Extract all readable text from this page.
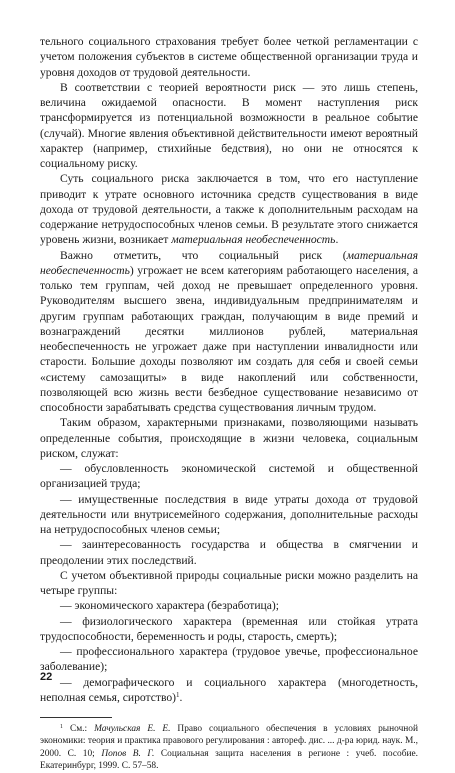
тельного социального страхования требует более четкой регламентации с учетом положения субъектов в системе общественной организации труда и уровня доходов от трудовой деятельности.

В соответствии с теорией вероятности риск — это лишь степень, величина ожидаемой опасности. В момент наступления риск трансформируется из потенциальной возможности в реальное событие (случай). Многие явления объективной действительности имеют вероятный характер (например, стихийные бедствия), но они не относятся к социальному риску.

Суть социального риска заключается в том, что его наступление приводит к утрате основного источника средств существования в виде дохода от трудовой деятельности, а также к дополнительным расходам на содержание нетрудоспособных членов семьи. В результате этого снижается уровень жизни, возникает материальная необеспеченность.

Важно отметить, что социальный риск (материальная необеспеченность) угрожает не всем категориям работающего населения, а только тем группам, чей доход не превышает определенного уровня. Руководителям высшего звена, индивидуальным предпринимателям и другим группам работающих граждан, получающим в виде премий и вознаграждений десятки миллионов рублей, материальная необеспеченность не угрожает даже при наступлении инвалидности или старости. Большие доходы позволяют им создать для себя и своей семьи «систему самозащиты» в виде накоплений или собственности, позволяющей всю жизнь вести безбедное существование независимо от способности зарабатывать средства существования личным трудом.

Таким образом, характерными признаками, позволяющими называть определенные события, происходящие в жизни человека, социальным риском, служат:

— обусловленность экономической системой и общественной организацией труда;

— имущественные последствия в виде утраты дохода от трудовой деятельности или внутрисемейного содержания, дополнительные расходы на нетрудоспособных членов семьи;

— заинтересованность государства и общества в смягчении и преодолении этих последствий.

С учетом объективной природы социальные риски можно разделить на четыре группы:

— экономического характера (безработица);

— физиологического характера (временная или стойкая утрата трудоспособности, беременность и роды, старость, смерть);

— профессионального характера (трудовое увечье, профессиональное заболевание);

— демографического и социального характера (многодетность, неполная семья, сиротство)$^1$.

$^1$ См.: Мачульская Е. Е. Право социального обеспечения в условиях рыночной экономики: теория и практика правового регулирования : автореф. дис. ... д-ра юрид. наук. М., 2000. С. 10; Попов В. Г. Социальная защита населения в регионе : учеб. пособие. Екатеринбург, 1999. С. 57–58.

22
